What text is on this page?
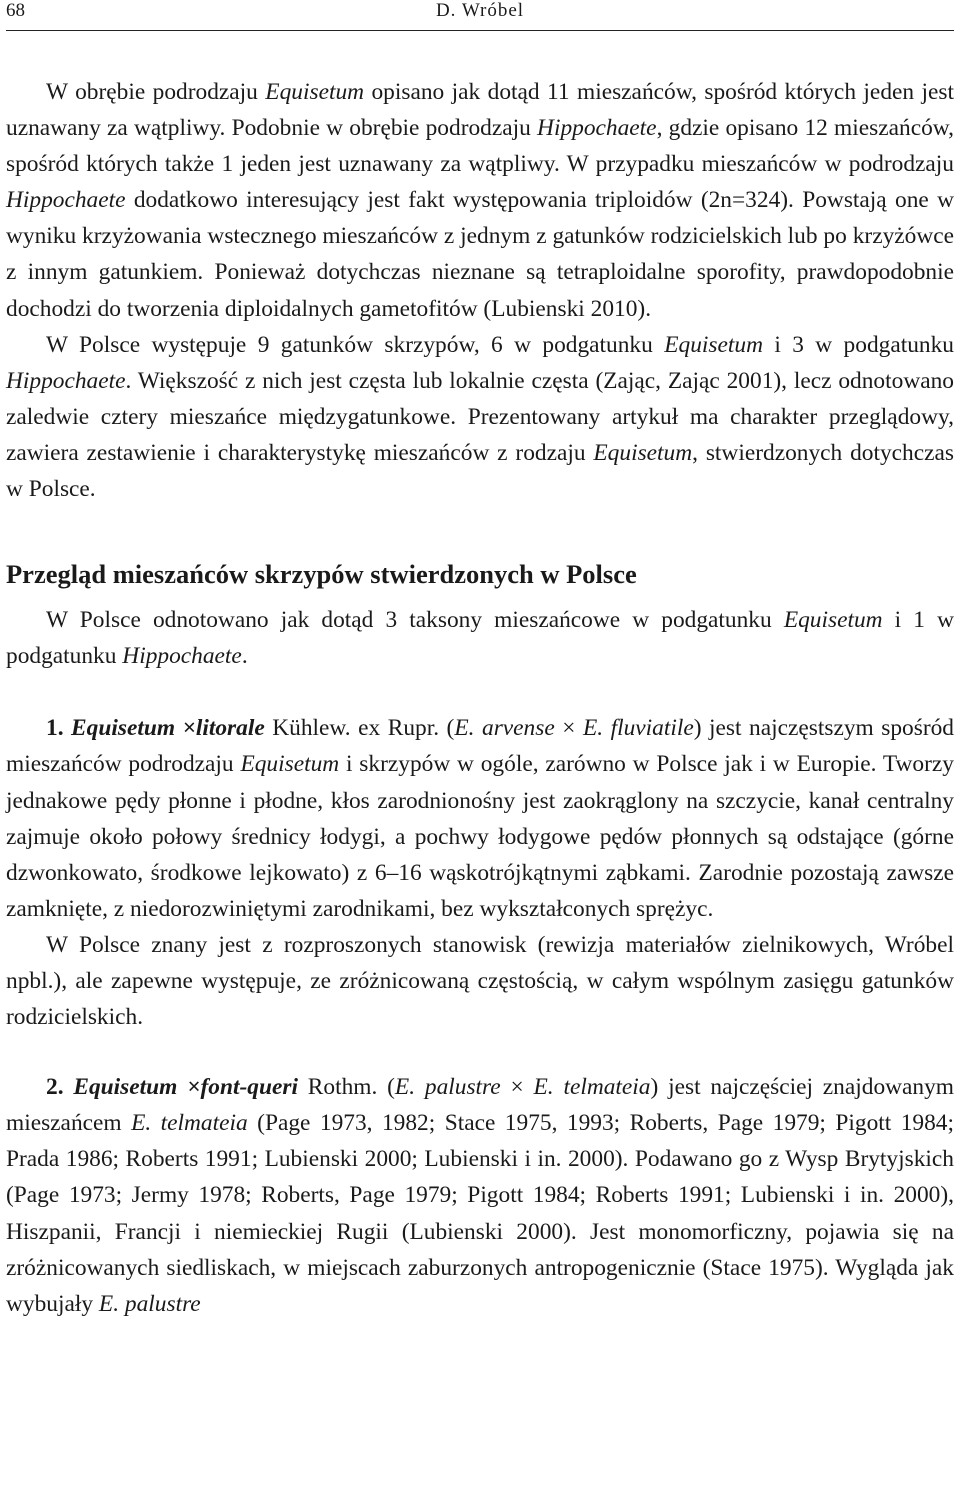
68	D. Wróbel

W obrębie podrodzaju Equisetum opisano jak dotąd 11 mieszańców, spośród których jeden jest uznawany za wątpliwy. Podobnie w obrębie podrodzaju Hippochaete, gdzie opisano 12 mieszańców, spośród których także 1 jeden jest uznawany za wątpliwy. W przypadku mieszańców w podrodzaju Hippochaete dodatkowo interesujący jest fakt występowania triploidów (2n=324). Powstają one w wyniku krzyżowania wstecznego mieszańców z jednym z gatunków rodzicielskich lub po krzyżówce z innym gatunkiem. Ponieważ dotychczas nieznane są tetraploidalne sporofity, prawdopodobnie dochodzi do tworzenia diploidalnych gametofitów (Lubienski 2010).

W Polsce występuje 9 gatunków skrzypów, 6 w podgatunku Equisetum i 3 w podgatunku Hippochaete. Większość z nich jest częsta lub lokalnie częsta (Zając, Zając 2001), lecz odnotowano zaledwie cztery mieszańce międzygatunkowe. Prezentowany artykuł ma charakter przeglądowy, zawiera zestawienie i charakterystykę mieszańców z rodzaju Equisetum, stwierdzonych dotychczas w Polsce.

Przegląd mieszańców skrzypów stwierdzonych w Polsce

W Polsce odnotowano jak dotąd 3 taksony mieszańcowe w podgatunku Equisetum i 1 w podgatunku Hippochaete.

1. Equisetum ×litorale Kühlew. ex Rupr. (E. arvense × E. fluviatile) jest najczęstszym spośród mieszańców podrodzaju Equisetum i skrzypów w ogóle, zarówno w Polsce jak i w Europie. Tworzy jednakowe pędy płonne i płodne, kłos zarodnionośny jest zaokrąglony na szczycie, kanał centralny zajmuje około połowy średnicy łodygi, a pochwy łodygowe pędów płonnych są odstające (górne dzwonkowato, środkowe lejkowato) z 6–16 wąskotrójkątnymi ząbkami. Zarodnie pozostają zawsze zamknięte, z niedorozwiniętymi zarodnikami, bez wykształconych sprężyc.

W Polsce znany jest z rozproszonych stanowisk (rewizja materiałów zielnikowych, Wróbel npbl.), ale zapewne występuje, ze zróżnicowaną częstością, w całym wspólnym zasięgu gatunków rodzicielskich.

2. Equisetum ×font-queri Rothm. (E. palustre × E. telmateia) jest najczęściej znajdowanym mieszańcem E. telmateia (Page 1973, 1982; Stace 1975, 1993; Roberts, Page 1979; Pigott 1984; Prada 1986; Roberts 1991; Lubienski 2000; Lubienski i in. 2000). Podawano go z Wysp Brytyjskich (Page 1973; Jermy 1978; Roberts, Page 1979; Pigott 1984; Roberts 1991; Lubienski i in. 2000), Hiszpanii, Francji i niemieckiej Rugii (Lubienski 2000). Jest monomorficzny, pojawia się na zróżnicowanych siedliskach, w miejscach zaburzonych antropogenicznie (Stace 1975). Wygląda jak wybujały E. palustre
